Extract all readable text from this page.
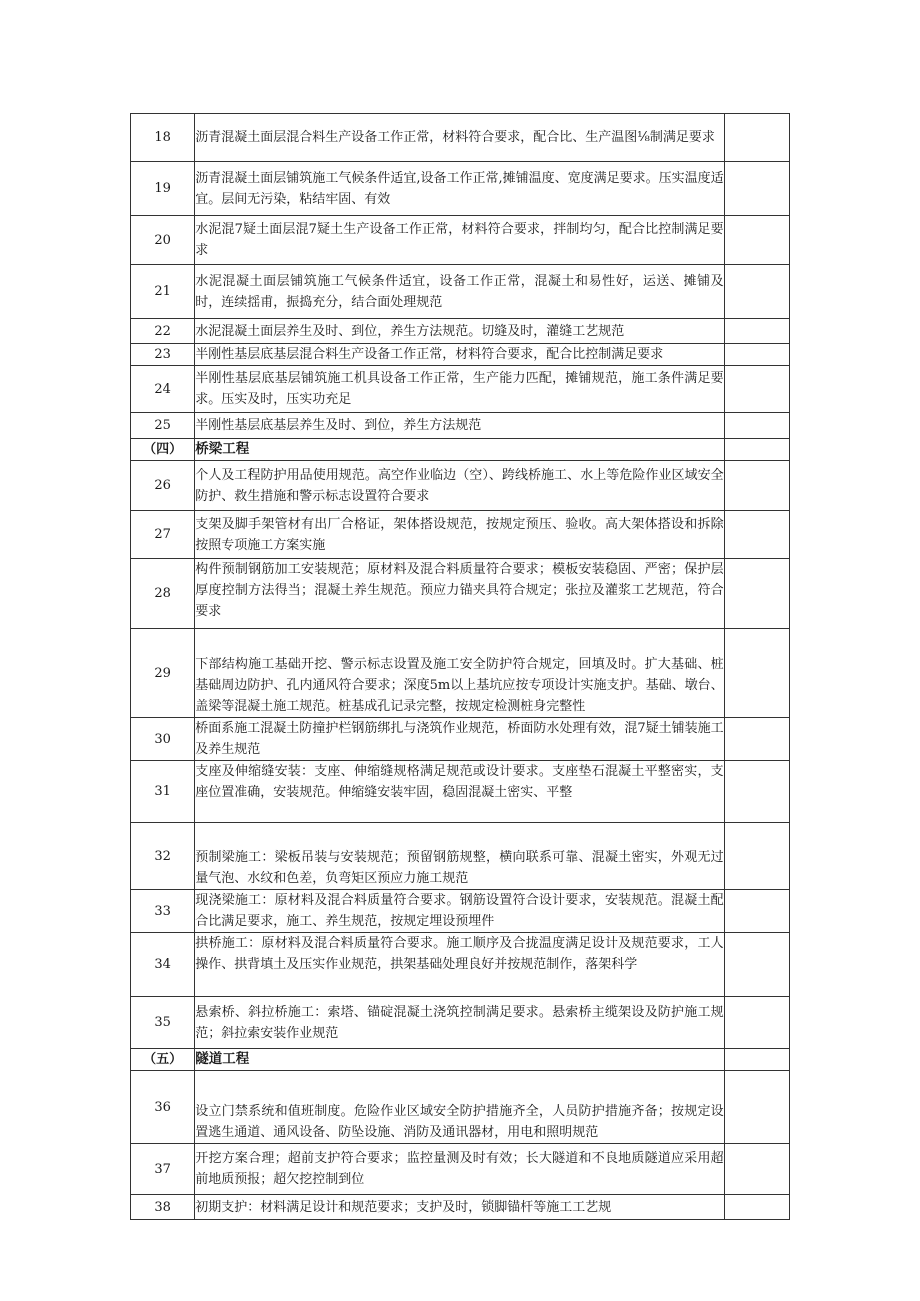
18	沥青混凝土面层混合料生产设备工作正常，材料符合要求，配合比、生产温图⅛制满足要求	
19	沥青混凝土面层铺筑施工气候条件适宜,设备工作正常,摊铺温度、宽度满足要求。压实温度适宜。层间无污染，粘结牢固、有效	
20	水泥混7疑土面层混7疑土生产设备工作正常，材料符合要求，拌制均匀，配合比控制满足要求	
21	水泥混凝土面层铺筑施工气候条件适宜，设备工作正常，混凝土和易性好，运送、摊铺及时，连续揺甫，振捣充分，结合面处理规范	
22	水泥混凝土面层养生及时、到位，养生方法规范。切缝及时，灌缝工艺规范	
23	半刚性基层底基层混合料生产设备工作正常，材料符合要求，配合比控制满足要求	
24	半刚性基层底基层铺筑施工机具设备工作正常，生产能力匹配，摊铺规范，施工条件满足要求。压实及时，压实功充足	
25	半刚性基层底基层养生及时、到位，养生方法规范	
（四）	桥梁工程	
26	个人及工程防护用品使用规范。高空作业临边（空）、跨线桥施工、水上等危险作业区域安全防护、救生措施和警示标志设置符合要求	
27	支架及脚手架管材有出厂合格证，架体搭设规范，按规定预压、验收。高大架体搭设和拆除按照专项施工方案实施	
28	构件预制钢筋加工安装规范；原材料及混合料质量符合要求；模板安装稳固、严密；保护层厚度控制方法得当；混凝土养生规范。预应力锚夹具符合规定；张拉及灌浆工艺规范，符合要求	
29	下部结构施工基础开挖、警示标志设置及施工安全防护符合规定，回填及时。扩大基础、桩基础周边防护、孔内通风符合要求；深度5m以上基坑应按专项设计实施支护。基础、墩台、盖梁等混凝土施工规范。桩基成孔记录完整，按规定检测桩身完整性	
30	桥面系施工混凝土防撞护栏钢筋绑扎与浇筑作业规范，桥面防水处理有效，混7疑土铺装施工及养生规范	
31	支座及伸缩缝安装：支座、伸缩缝规格满足规范或设计要求。支座垫石混凝土平整密实，支座位置准确，安装规范。伸缩缝安装牢固，稳固混凝土密实、平整	
32	预制梁施工：梁板吊装与安装规范；预留钢筋规整，横向联系可靠、混凝土密实，外观无过量气泡、水纹和色差，负弯矩区预应力施工规范	
33	现浇梁施工：原材料及混合料质量符合要求。钢筋设置符合设计要求，安装规范。混凝土配合比满足要求，施工、养生规范，按规定埋设预埋件	
34	拱桥施工：原材料及混合料质量符合要求。施工顺序及合拢温度满足设计及规范要求，工人操作、拱背填土及压实作业规范，拱架基础处理良好并按规范制作，落架科学	
35	悬索桥、斜拉桥施工：索塔、锚碇混凝土浇筑控制满足要求。悬索桥主缆架设及防护施工规范；斜拉索安装作业规范	
（五）	隧道工程	
36	设立门禁系统和值班制度。危险作业区域安全防护措施齐全，人员防护措施齐备；按规定设置逃生通道、通风设备、防坠设施、消防及通讯器材，用电和照明规范	
37	开挖方案合理；超前支护符合要求；监控量测及时有效；长大隧道和不良地质隧道应采用超前地质预报；超欠挖控制到位	
38	初期支护：材料满足设计和规范要求；支护及时，锁脚锚杆等施工工艺规	
